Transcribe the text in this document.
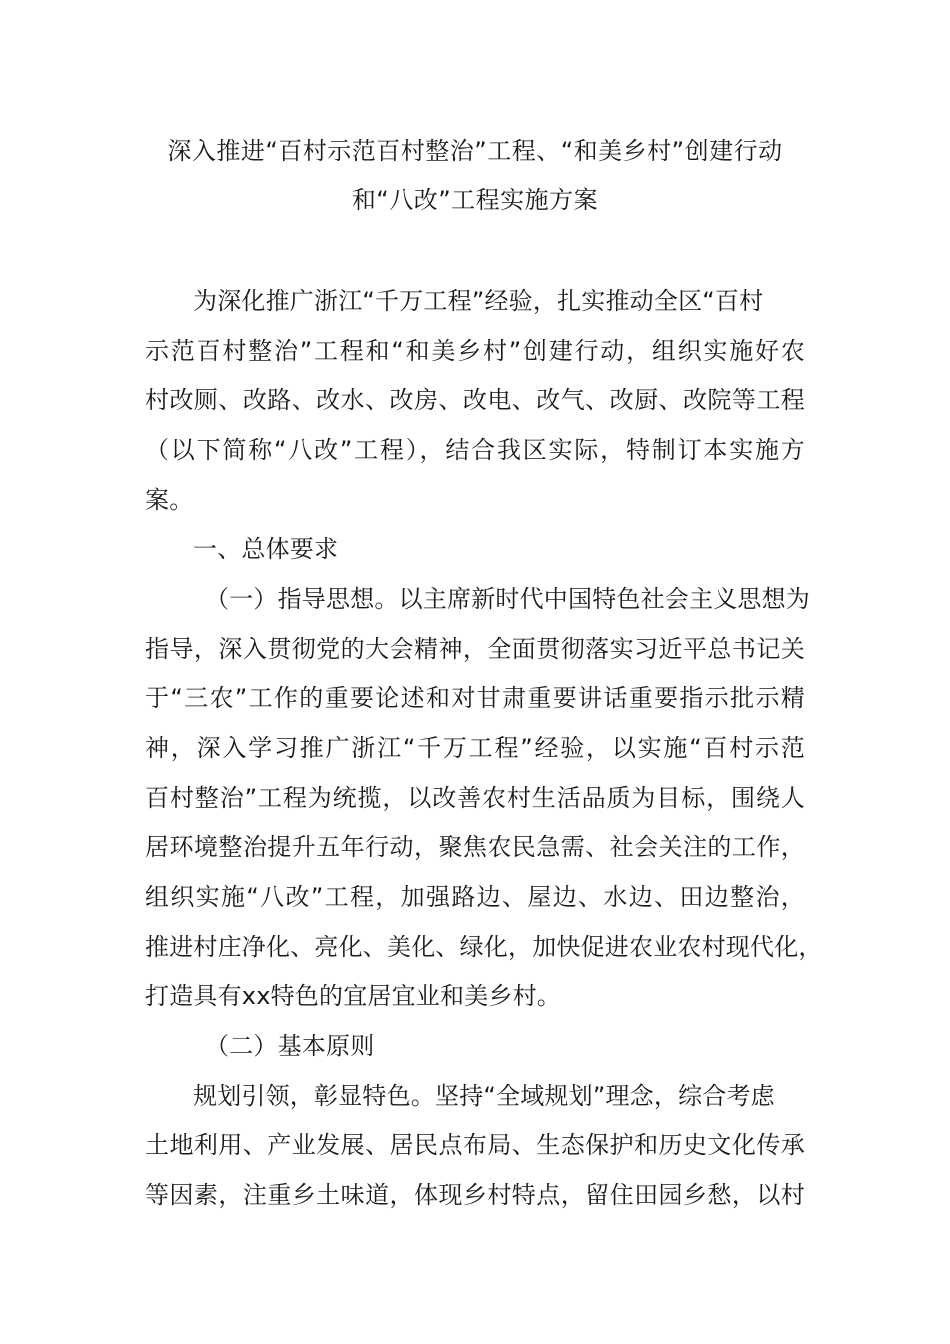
深入推进“百村示范百村整治”工程、“和美乡村”创建行动
和“八改”工程实施方案
为深化推广浙江“千万工程”经验，扎实推动全区“百村
示范百村整治”工程和“和美乡村”创建行动，组织实施好农
村改厕、改路、改水、改房、改电、改气、改厨、改院等工程
（以下简称“八改”工程），结合我区实际，特制订本实施方
案。
一、总体要求
（一）指导思想。以主席新时代中国特色社会主义思想为
指导，深入贯彻党的大会精神，全面贯彻落实习近平总书记关
于“三农”工作的重要论述和对甘肃重要讲话重要指示批示精
神，深入学习推广浙江“千万工程”经验，以实施“百村示范
百村整治”工程为统揽，以改善农村生活品质为目标，围绕人
居环境整治提升五年行动，聚焦农民急需、社会关注的工作，
组织实施“八改”工程，加强路边、屋边、水边、田边整治，
推进村庄净化、亮化、美化、绿化，加快促进农业农村现代化，
打造具有xx特色的宜居宜业和美乡村。
（二）基本原则
规划引领，彰显特色。坚持“全域规划”理念，综合考虑
土地利用、产业发展、居民点布局、生态保护和历史文化传承
等因素，注重乡土味道，体现乡村特点，留住田园乡愁，以村
